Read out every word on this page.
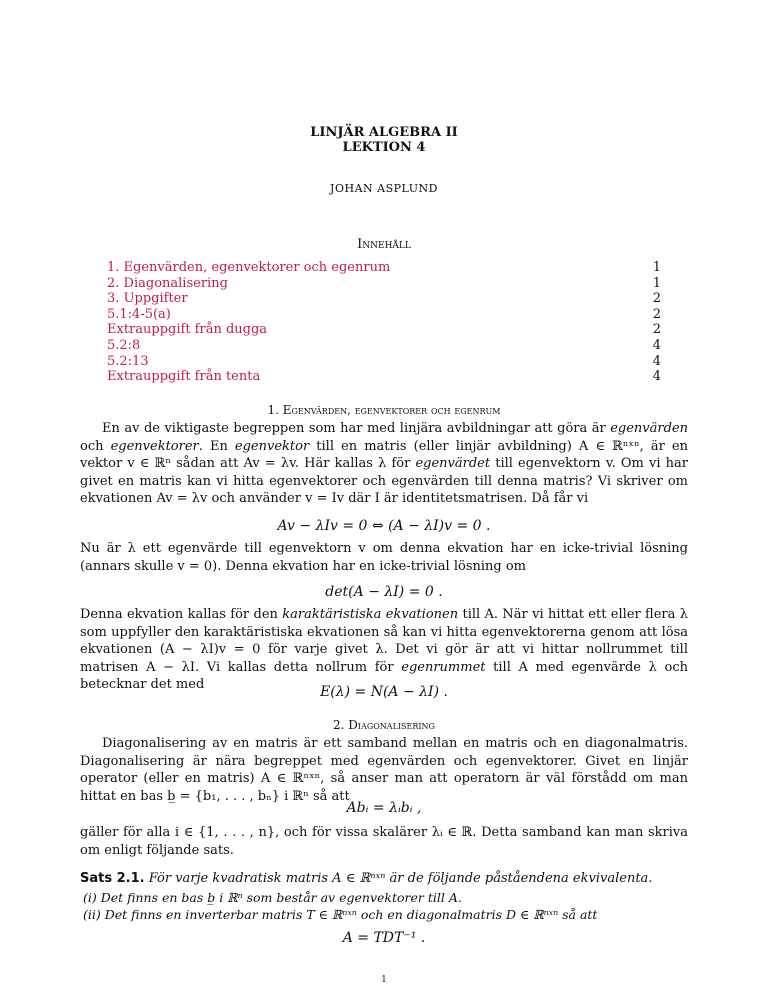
LINJÄR ALGEBRA II
LEKTION 4
JOHAN ASPLUND
Innehåll
1. Egenvärden, egenvektorer och egenrum	1
2. Diagonalisering	1
3. Uppgifter	2
5.1:4-5(a)	2
Extrauppgift från dugga	2
5.2:8	4
5.2:13	4
Extrauppgift från tenta	4
1. Egenvärden, egenvektorer och egenrum

En av de viktigaste begreppen som har med linjära avbildningar att göra är egenvärden och egenvektorer. En egenvektor till en matris (eller linjär avbildning) A ∈ ℝⁿˣⁿ, är en vektor v ∈ ℝⁿ sådan att Av = λv. Här kallas λ för egenvärdet till egenvektorn v. Om vi har givet en matris kan vi hitta egenvektorer och egenvärden till denna matris? Vi skriver om ekvationen Av = λv och använder v = Iv där I är identitetsmatrisen. Då får vi

Av − λIv = 0 ⇔ (A − λI)v = 0 .

Nu är λ ett egenvärde till egenvektorn v om denna ekvation har en icke-trivial lösning (annars skulle v = 0). Denna ekvation har en icke-trivial lösning om

det(A − λI) = 0 .

Denna ekvation kallas för den karaktäristiska ekvationen till A. När vi hittat ett eller flera λ som uppfyller den karaktäristiska ekvationen så kan vi hitta egenvektorerna genom att lösa ekvationen (A − λI)v = 0 för varje givet λ. Det vi gör är att vi hittar nollrummet till matrisen A − λI. Vi kallas detta nollrum för egenrummet till A med egenvärde λ och betecknar det med	E(λ) = N(A − λI) .
2. Diagonalisering

Diagonalisering av en matris är ett samband mellan en matris och en diagonalmatris. Diagonalisering är nära begreppet med egenvärden och egenvektorer. Givet en linjär operator (eller en matris) A ∈ ℝⁿˣⁿ, så anser man att operatorn är väl förstådd om man hittat en bas b̲ = {b₁, . . . , bₙ} i ℝⁿ så att

Abᵢ = λᵢbᵢ ,

gäller för alla i ∈ {1, . . . , n}, och för vissa skalärer λᵢ ∈ ℝ. Detta samband kan man skriva om enligt följande sats.

Sats 2.1. För varje kvadratisk matris A ∈ ℝⁿˣⁿ är de följande påståendena ekvivalenta.
(i) Det finns en bas b̲ i ℝⁿ som består av egenvektorer till A.
(ii) Det finns en inverterbar matris T ∈ ℝⁿˣⁿ och en diagonalmatris D ∈ ℝⁿˣⁿ så att
A = TDT⁻¹ .
1
